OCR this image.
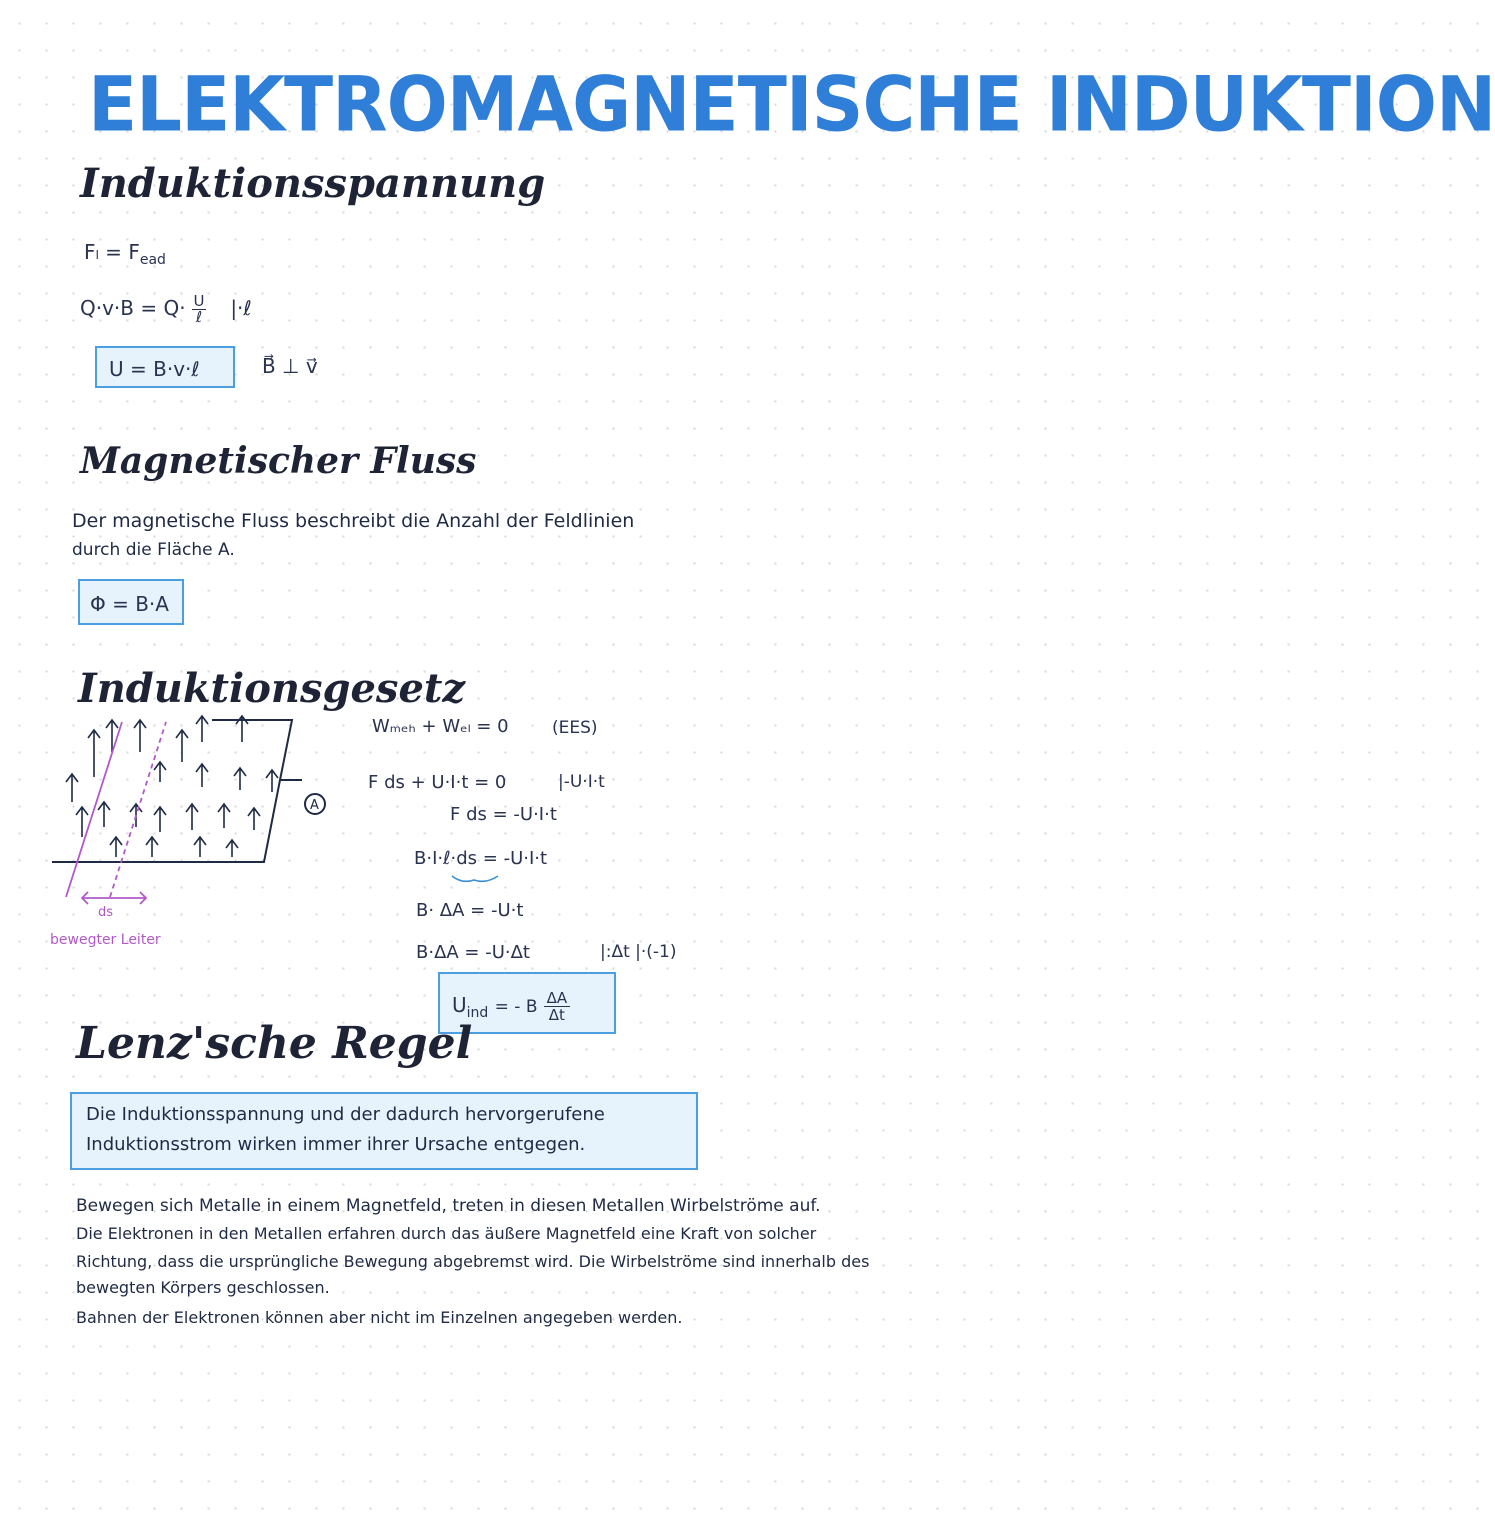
ELEKTROMAGNETISCHE INDUKTION
Induktionsspannung
$F_l = F_{ead}$
Q·v·B = Q· U
ℓ |·ℓ
U = B·v·ℓ	B⃗ ⊥ v⃗
Magnetischer Fluss
Der magnetische Fluss beschreibt die Anzahl der Feldlinien
durch die Fläche A.
Φ = B·A
Induktionsgesetz
A
ds
bewegter Leiter
Wₘₑₕ + Wₑₗ = 0	(EES)
F ds + U·I·t = 0	|-U·I·t
F ds = -U·I·t
B·I·ℓ·ds = -U·I·t
B· ΔA = -U·t
B·ΔA = -U·Δt	|:Δt |·(-1)
$U_{ind}$ = - B $\frac{\Delta A}{\Delta t}$
Lenz'sche Regel
Die Induktionsspannung und der dadurch hervorgerufene
Induktionsstrom wirken immer ihrer Ursache entgegen.
Bewegen sich Metalle in einem Magnetfeld, treten in diesen Metallen Wirbelströme auf.
Die Elektronen in den Metallen erfahren durch das äußere Magnetfeld eine Kraft von solcher
Richtung, dass die ursprüngliche Bewegung abgebremst wird. Die Wirbelströme sind innerhalb des
bewegten Körpers geschlossen.
Bahnen der Elektronen können aber nicht im Einzelnen angegeben werden.
